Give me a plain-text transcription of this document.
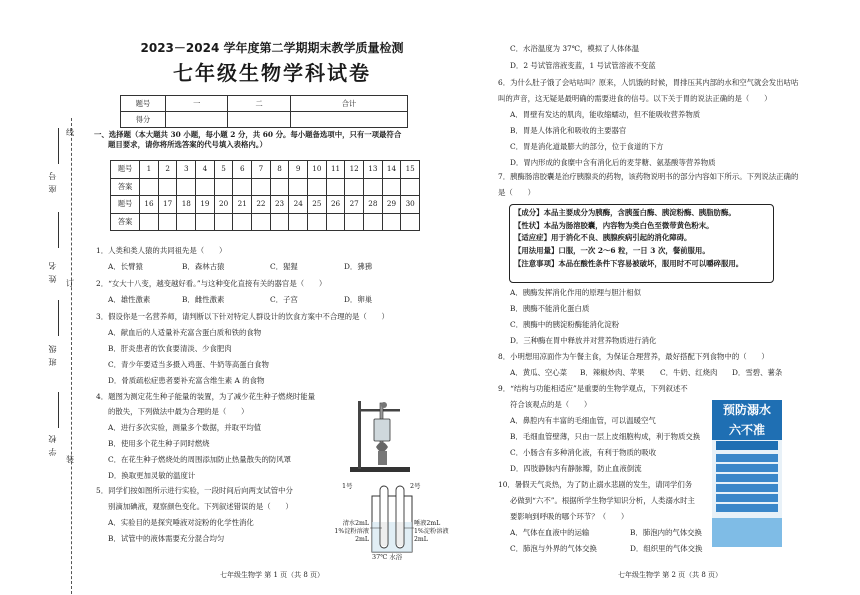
线
订
装
学校
班级
姓名
座号
2023－2024 学年度第二学期期末教学质量检测
七年级生物学科试卷
题号	一	二	合计
得分			
一、选择题（本大题共 30 小题，每小题 2 分，共 60 分。每小题备选项中，只有一项最符合
题目要求，请你将所选答案的代号填入表格内。）
题号	1	2	3	4	5	6	7	8	9	10	11	12	13	14	15
答案															
题号	16	17	18	19	20	21	22	23	24	25	26	27	28	29	30
答案															
1．人类和类人猿的共同祖先是（　　）
A．长臂猿	B．森林古猿	C．猩猩	D．狒狒
2．“女大十八变，越变越好看。”与这种变化直接有关的器官是（　　）
A．雄性激素	B．雌性激素	C．子宫	D．卵巢
3．假设你是一名营养师，请判断以下针对特定人群设计的饮食方案中不合理的是（　　）
A．献血后的人适量补充富含蛋白质和铁的食物
B．肝炎患者的饮食要清淡、少食肥肉
C．青少年要适当多摄入鸡蛋、牛奶等高蛋白食物
D．骨质疏松症患者要补充富含维生素 A 的食物
4．题图为测定花生种子能量的装置，为了减少花生种子燃烧时能量
的散失，下列做法中最为合理的是（　　）
A．进行多次实验，测量多个数据，并取平均值
B．使用多个花生种子同时燃烧
C．在花生种子燃烧处的周围添加防止热量散失的防风罩
D．换取更加灵敏的温度计
5．同学们按如图所示进行实验，一段时间后向两支试管中分
别滴加碘液，观察颜色变化。下列叙述错误的是（　　）
A．实验目的是探究唾液对淀粉的化学性消化
B．试管中的液体需要充分混合均匀
1号	2号
清水2mL
1%淀粉溶液
2mL
唾液2mL
1%淀粉溶液
2mL
37℃ 水浴
七年级生物学 第 1 页（共 8 页）
C．水浴温度为 37℃，模拟了人体体温
D．2 号试管溶液变蓝，1 号试管溶液不变蓝
6．为什么肚子饿了会咕咕叫？原来，人饥饿的时候，胃排压其内部的水和空气就会发出咕咕
叫的声音，这无疑是最明确的需要进食的信号。以下关于胃的说法正确的是（　　）
A．胃壁有发达的肌肉，能收缩蠕动，但不能吸收营养物质
B．胃是人体消化和吸收的主要器官
C．胃是消化道最膨大的部分，位于食道的下方
D．胃内形成的食糜中含有消化后的麦芽糖、氨基酸等营养物质
7．胰酶肠溶胶囊是治疗胰腺炎的药物，该药物说明书的部分内容如下所示。下列说法正确的
是（　　）
【成分】本品主要成分为胰酶，含胰蛋白酶、胰淀粉酶、胰脂肪酶。
【性状】本品为肠溶胶囊，内容物为类白色至微带黄色粉末。
【适应症】用于消化不良、胰腺疾病引起的消化障碍。
【用法用量】口服，一次 2～6 粒，一日 3 次，餐前服用。
【注意事项】本品在酸性条件下容易被破坏，服用时不可以嚼碎服用。
A．胰酶发挥消化作用的原理与胆汁相似
B．胰酶不能消化蛋白质
C．胰酶中的胰淀粉酶能消化淀粉
D．三种酶在胃中释放并对营养物质进行消化
8．小明想用凉面作为午餐主食，为保证合理营养，最好搭配下列食物中的（　　）
A．黄瓜、空心菜 B．辣椒炒肉、苹果 C．牛奶、红烧肉 D．雪碧、薯条
9．“结构与功能相适应”是重要的生物学观点，下列叙述不
符合该观点的是（　　）
A．鼻腔内有丰富的毛细血管，可以温暖空气
B．毛细血管壁薄，只由一层上皮细胞构成，利于物质交换
C．小肠含有多种消化液，有利于物质的吸收
D．四肢静脉内有静脉瓣，防止血液倒流
10．暑假天气炎热，为了防止溺水悲剧的发生，请同学们务
必做到“六不”。根据所学生物学知识分析，人类溺水时主
要影响到呼吸的哪个环节？（　　）
A．气体在血液中的运输	B．肺泡内的气体交换
C．肺泡与外界的气体交换	D．组织里的气体交换
预防溺水
六不准
七年级生物学 第 2 页（共 8 页）
